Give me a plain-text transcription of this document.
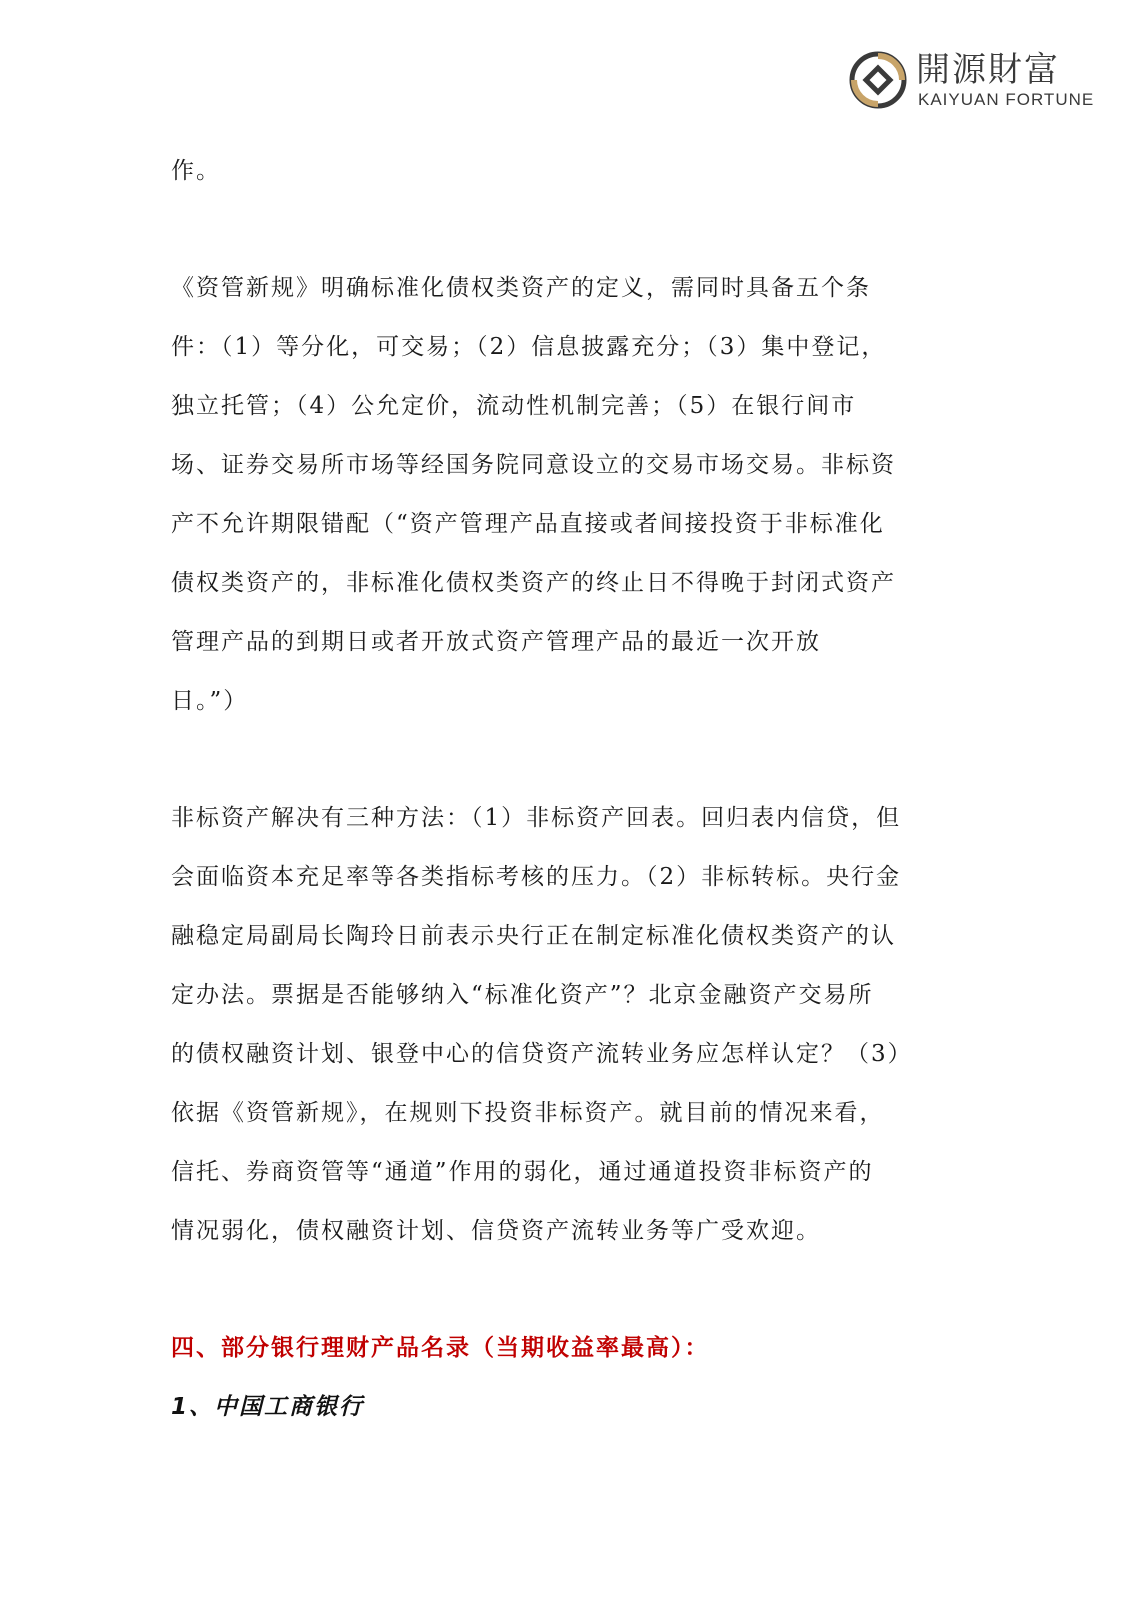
開源財富
KAIYUAN FORTUNE

作。

《资管新规》明确标准化债权类资产的定义，需同时具备五个条
件：（1）等分化，可交易；（2）信息披露充分；（3）集中登记，
独立托管；（4）公允定价，流动性机制完善；（5）在银行间市
场、证券交易所市场等经国务院同意设立的交易市场交易。非标资
产不允许期限错配（“资产管理产品直接或者间接投资于非标准化
债权类资产的，非标准化债权类资产的终止日不得晚于封闭式资产
管理产品的到期日或者开放式资产管理产品的最近一次开放
日。”）

非标资产解决有三种方法：（1）非标资产回表。回归表内信贷，但
会面临资本充足率等各类指标考核的压力。（2）非标转标。央行金
融稳定局副局长陶玲日前表示央行正在制定标准化债权类资产的认
定办法。票据是否能够纳入“标准化资产”？北京金融资产交易所
的债权融资计划、银登中心的信贷资产流转业务应怎样认定？（3）
依据《资管新规》，在规则下投资非标资产。就目前的情况来看，
信托、券商资管等“通道”作用的弱化，通过通道投资非标资产的
情况弱化，债权融资计划、信贷资产流转业务等广受欢迎。

四、部分银行理财产品名录（当期收益率最高）：

1、中国工商银行
